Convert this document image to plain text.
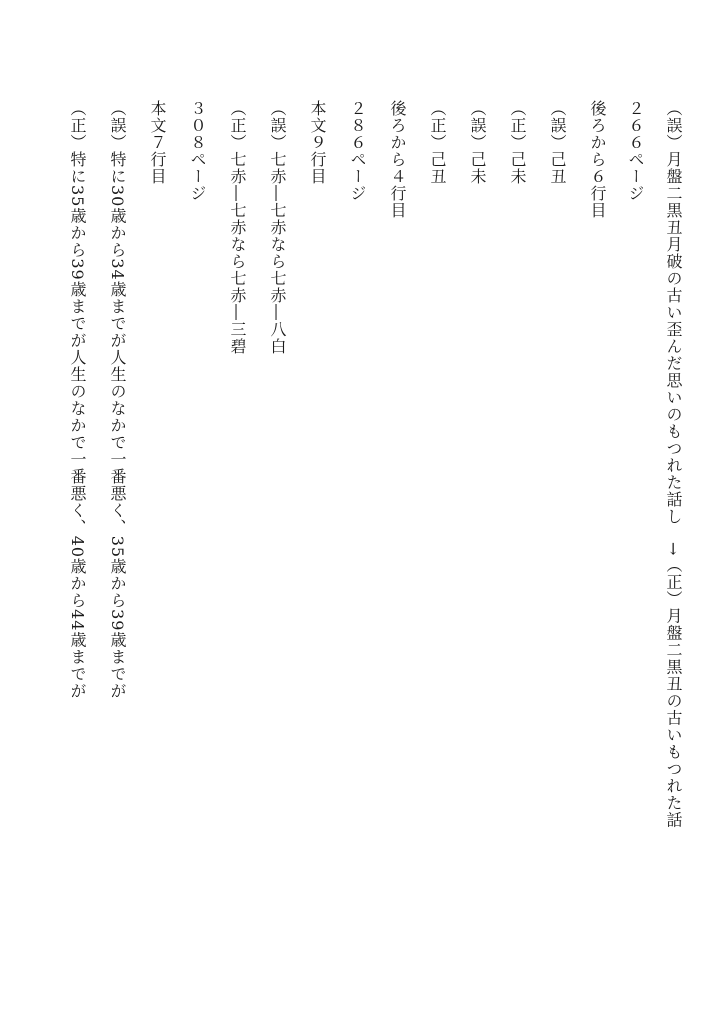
（誤）月盤二黒丑月破の古い歪んだ思いのもつれた話し　→（正）月盤二黒丑の古いもつれた話
２６６ページ
後ろから６行目
（誤）己丑
（正）己未
（誤）己未
（正）己丑
後ろから４行目
２８６ページ
本文９行目
（誤）七赤―七赤なら七赤―八白
（正）七赤―七赤なら七赤―三碧
３０８ページ
本文７行目
（誤）特に30歳から34歳までが人生のなかで一番悪く、35歳から39歳までが
（正）特に35歳から39歳までが人生のなかで一番悪く、40歳から44歳までが
